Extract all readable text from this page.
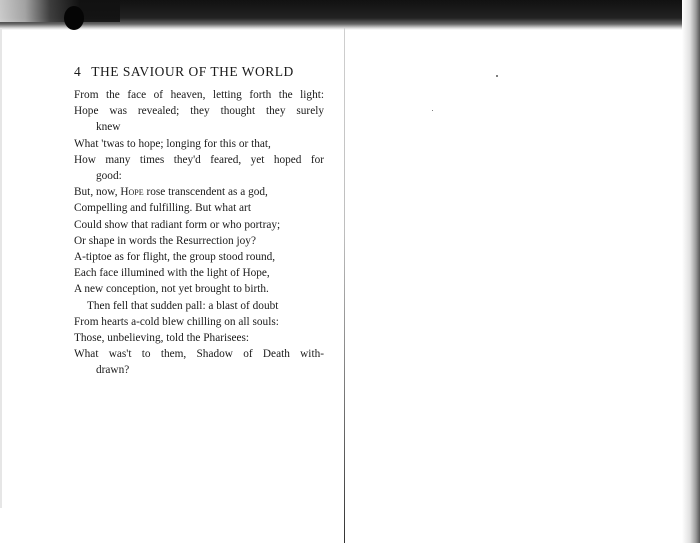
4 THE SAVIOUR OF THE WORLD
From the face of heaven, letting forth the light:
Hope was revealed; they thought they surely
knew
What 'twas to hope; longing for this or that,
How many times they'd feared, yet hoped for
good:
But, now, Hope rose transcendent as a god,
Compelling and fulfilling. But what art
Could show that radiant form or who portray;
Or shape in words the Resurrection joy?
A-tiptoe as for flight, the group stood round,
Each face illumined with the light of Hope,
A new conception, not yet brought to birth.
Then fell that sudden pall: a blast of doubt
From hearts a-cold blew chilling on all souls:
Those, unbelieving, told the Pharisees:
What was't to them, Shadow of Death with-
drawn?
